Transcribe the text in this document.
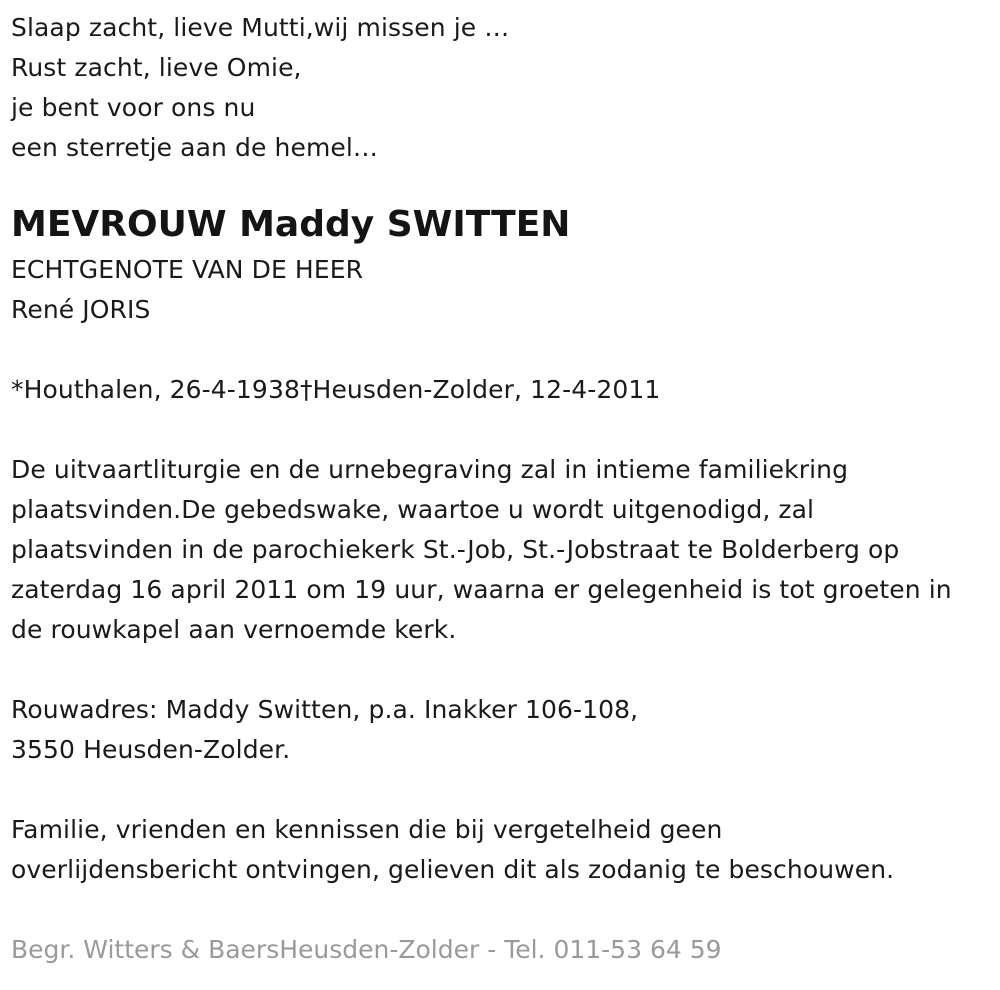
Slaap zacht, lieve Mutti,wij missen je …
Rust zacht, lieve Omie,
je bent voor ons nu
een sterretje aan de hemel…
MEVROUW Maddy SWITTEN
ECHTGENOTE VAN DE HEER
René JORIS
*Houthalen, 26-4-1938†Heusden-Zolder, 12-4-2011
De uitvaartliturgie en de urnebegraving zal in intieme familiekring
plaatsvinden.De gebedswake, waartoe u wordt uitgenodigd, zal
plaatsvinden in de parochiekerk St.-Job, St.-Jobstraat te Bolderberg op
zaterdag 16 april 2011 om 19 uur, waarna er gelegenheid is tot groeten in
de rouwkapel aan vernoemde kerk.
Rouwadres: Maddy Switten, p.a. Inakker 106-108,
3550 Heusden-Zolder.
Familie, vrienden en kennissen die bij vergetelheid geen
overlijdensbericht ontvingen, gelieven dit als zodanig te beschouwen.
Begr. Witters & BaersHeusden-Zolder - Tel. 011-53 64 59
